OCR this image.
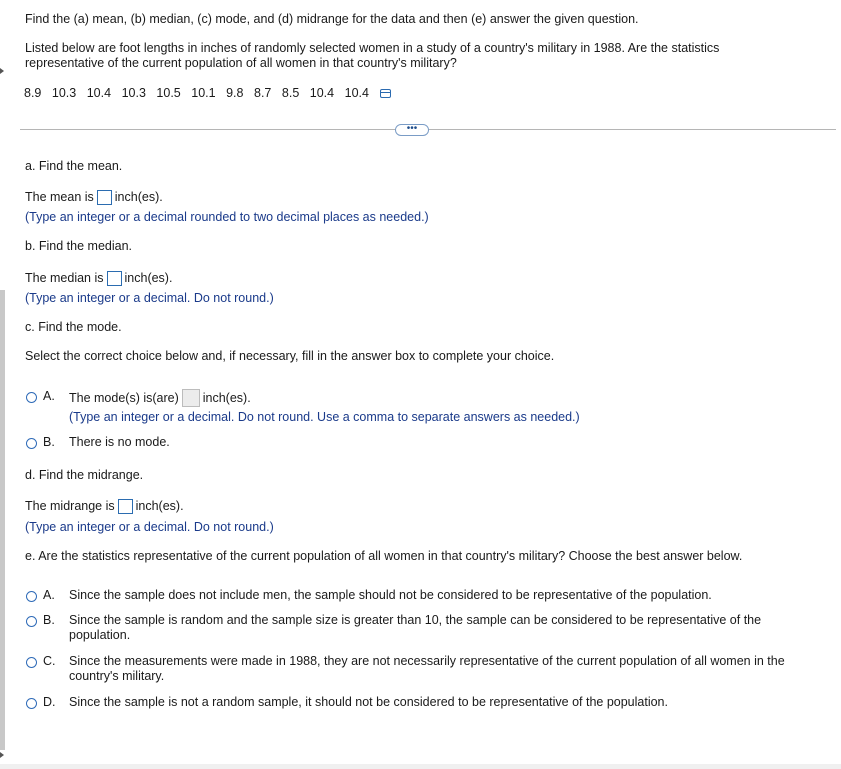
Find the (a) mean, (b) median, (c) mode, and (d) midrange for the data and then (e) answer the given question.
Listed below are foot lengths in inches of randomly selected women in a study of a country's military in 1988. Are the statistics
representative of the current population of all women in that country's military?
8.9 10.3 10.4 10.3 10.5 10.1 9.8 8.7 8.5 10.4 10.4
•••
a. Find the mean.
The mean is inch(es).
(Type an integer or a decimal rounded to two decimal places as needed.)
b. Find the median.
The median is inch(es).
(Type an integer or a decimal. Do not round.)
c. Find the mode.
Select the correct choice below and, if necessary, fill in the answer box to complete your choice.
A. The mode(s) is(are) inch(es).
(Type an integer or a decimal. Do not round. Use a comma to separate answers as needed.)
B. There is no mode.
d. Find the midrange.
The midrange is inch(es).
(Type an integer or a decimal. Do not round.)
e. Are the statistics representative of the current population of all women in that country's military? Choose the best answer below.
A. Since the sample does not include men, the sample should not be considered to be representative of the population.
B. Since the sample is random and the sample size is greater than 10, the sample can be considered to be representative of the population.
C. Since the measurements were made in 1988, they are not necessarily representative of the current population of all women in the country's military.
D. Since the sample is not a random sample, it should not be considered to be representative of the population.
